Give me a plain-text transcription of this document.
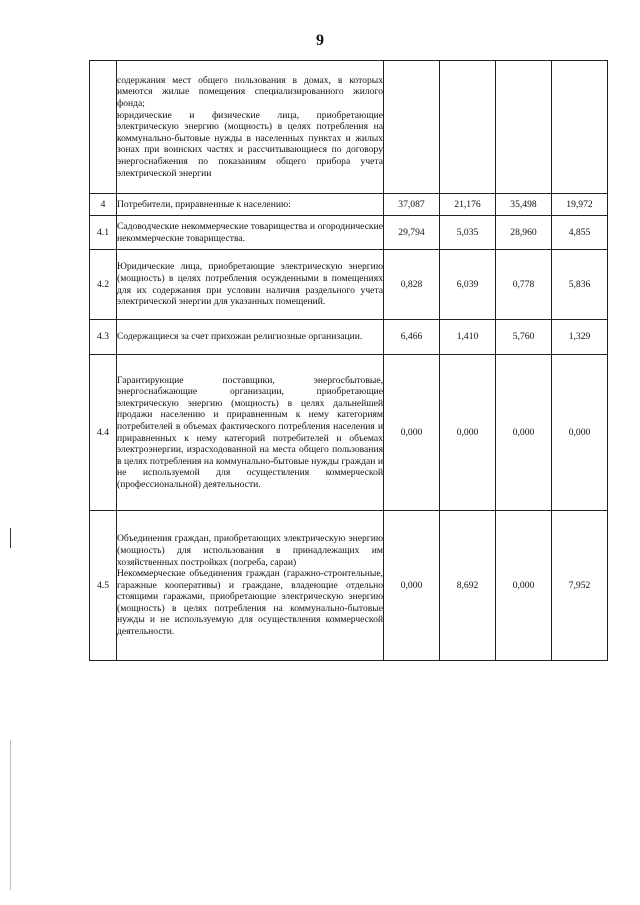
9

	содержания мест общего пользования в домах, в которых имеются жилые помещения специализированного жилого фонда;
юридические и физические лица, приобретающие электрическую энергию (мощность) в целях потребления на коммунально-бытовые нужды в населенных пунктах и жилых зонах при воинских частях и рассчитывающиеся по договору энергоснабжения по показаниям общего прибора учета электрической энергии				

4	Потребители, приравненные к населению:	37,087	21,176	35,498	19,972
4.1	Садоводческие некоммерческие товарищества и огороднические некоммерческие товарищества.	29,794	5,035	28,960	4,855
4.2	Юридические лица, приобретающие электрическую энергию (мощность) в целях потребления осужденными в помещениях для их содержания при условии наличия раздельного учета электрической энергии для указанных помещений.	0,828	6,039	0,778	5,836
4.3	Содержащиеся за счет прихожан религиозные организации.	6,466	1,410	5,760	1,329
4.4	Гарантирующие поставщики, энергосбытовые, энергоснабжающие организации, приобретающие электрическую энергию (мощность) в целях дальнейшей продажи населению и приравненным к нему категориям потребителей в объемах фактического потребления населения и приравненных к нему категорий потребителей и объемах электроэнергии, израсходованной на места общего пользования в целях потребления на коммунально-бытовые нужды граждан и не используемой для осуществления коммерческой (профессиональной) деятельности.	0,000	0,000	0,000	0,000
4.5	Объединения граждан, приобретающих электрическую энергию (мощность) для использования в принадлежащих им хозяйственных постройках (погреба, сараи)
Некоммерческие объединения граждан (гаражно-строительные, гаражные кооперативы) и граждане, владеющие отдельно стоящими гаражами, приобретающие электрическую энергию (мощность) в целях потребления на коммунально-бытовые нужды и не используемую для осуществления коммерческой деятельности.	0,000	8,692	0,000	7,952
